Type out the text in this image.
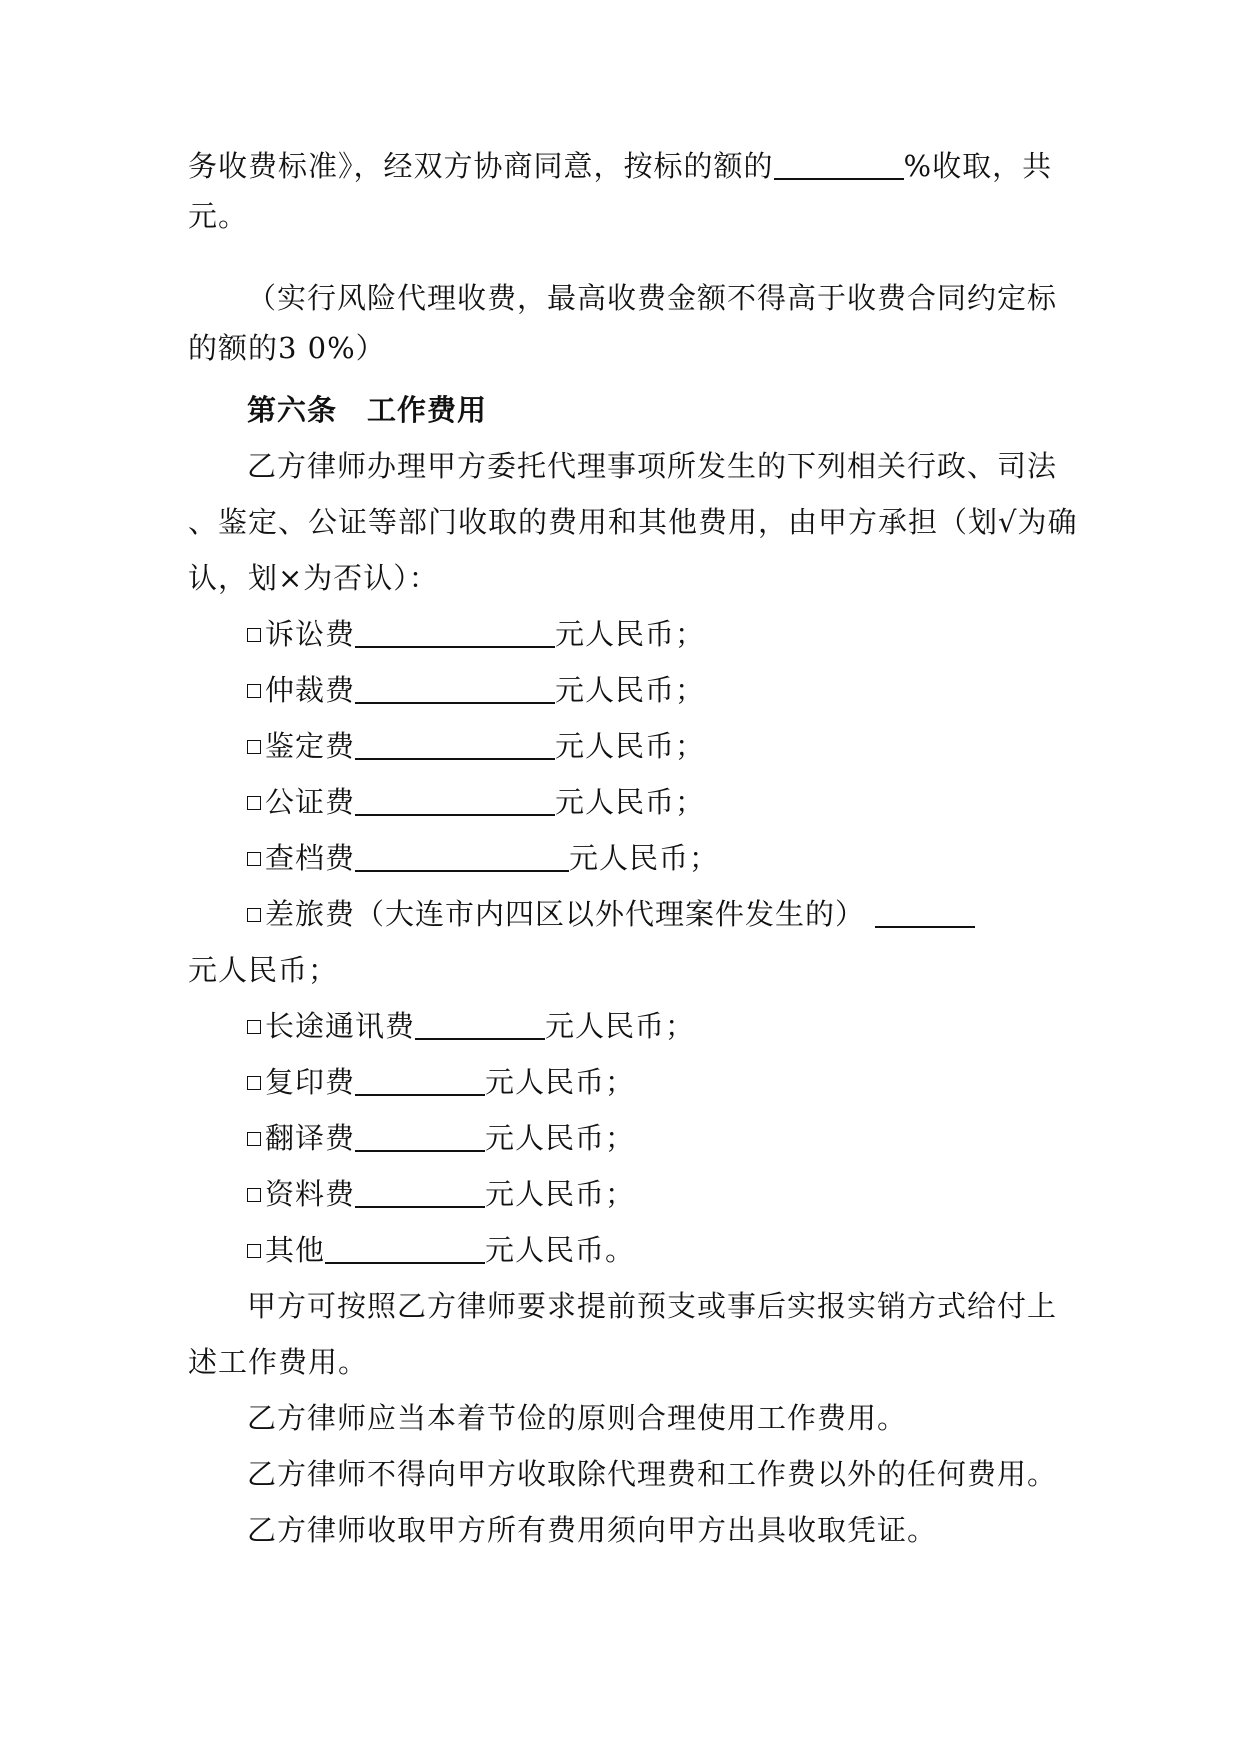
务收费标准》，经双方协商同意，按标的额的	%收取，共
元。
（实行风险代理收费，最高收费金额不得高于收费合同约定标
的额的3 0%）
第六条 工作费用
乙方律师办理甲方委托代理事项所发生的下列相关行政、司法
、鉴定、公证等部门收取的费用和其他费用，由甲方承担（划√为确
认，划×为否认）：
诉讼费	元人民币；
仲裁费	元人民币；
鉴定费	元人民币；
公证费	元人民币；
查档费	元人民币；
差旅费（大连市内四区以外代理案件发生的）
元人民币；
长途通讯费	元人民币；
复印费	元人民币；
翻译费	元人民币；
资料费	元人民币；
其他	元人民币。
甲方可按照乙方律师要求提前预支或事后实报实销方式给付上
述工作费用。
乙方律师应当本着节俭的原则合理使用工作费用。
乙方律师不得向甲方收取除代理费和工作费以外的任何费用。
乙方律师收取甲方所有费用须向甲方出具收取凭证。
